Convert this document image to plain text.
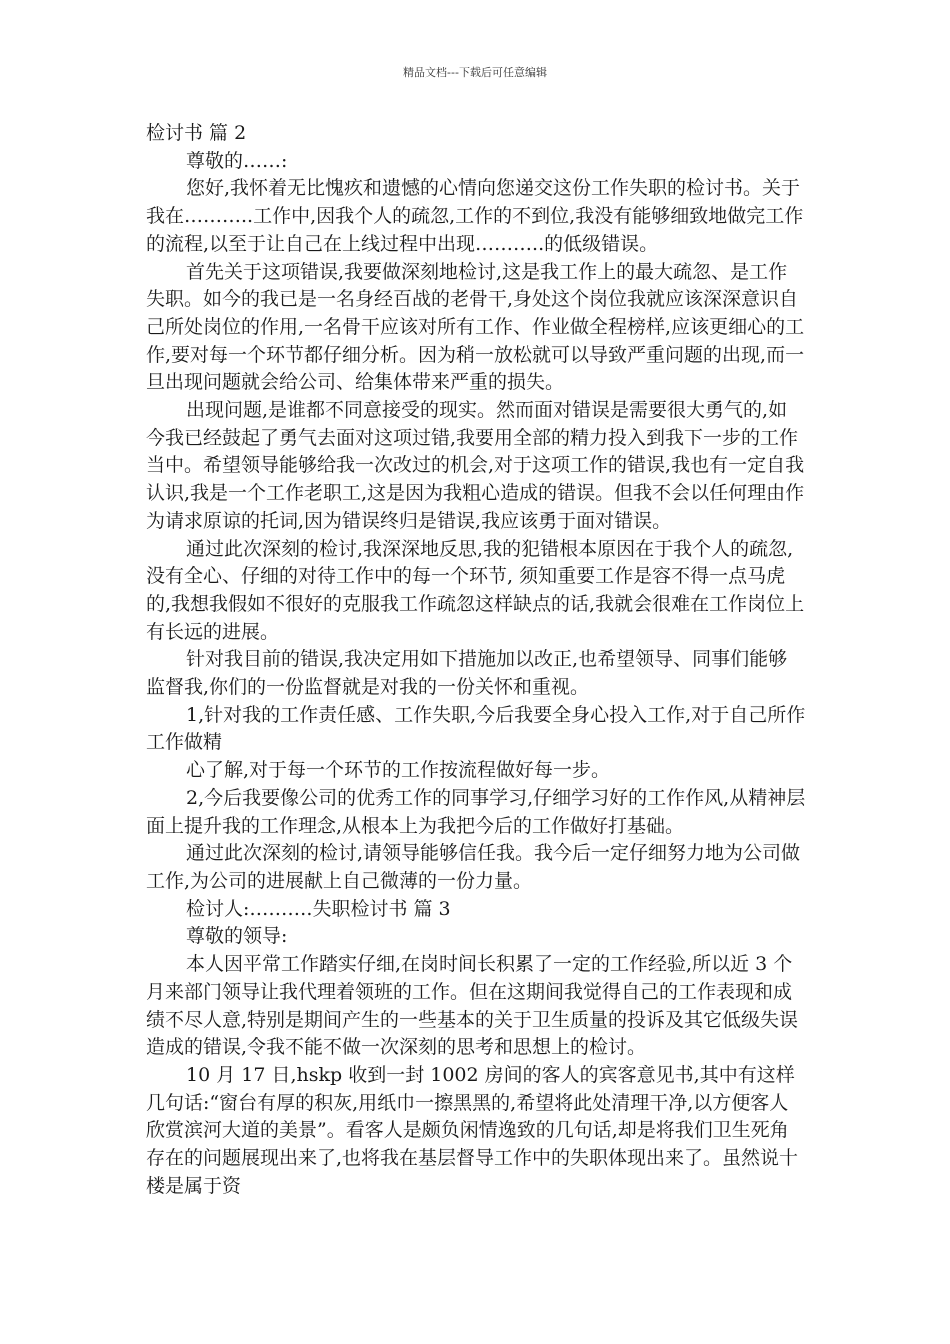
精品文档---下载后可任意编辑

检讨书 篇 2

尊敬的……:

您好,我怀着无比愧疚和遗憾的心情向您递交这份工作失职的检讨书。关于我在………..工作中,因我个人的疏忽,工作的不到位,我没有能够细致地做完工作的流程,以至于让自己在上线过程中出现………..的低级错误。

首先关于这项错误,我要做深刻地检讨,这是我工作上的最大疏忽、是工作失职。如今的我已是一名身经百战的老骨干,身处这个岗位我就应该深深意识自己所处岗位的作用,一名骨干应该对所有工作、作业做全程榜样,应该更细心的工作,要对每一个环节都仔细分析。因为稍一放松就可以导致严重问题的出现,而一旦出现问题就会给公司、给集体带来严重的损失。

出现问题,是谁都不同意接受的现实。然而面对错误是需要很大勇气的,如今我已经鼓起了勇气去面对这项过错,我要用全部的精力投入到我下一步的工作当中。希望领导能够给我一次改过的机会,对于这项工作的错误,我也有一定自我认识,我是一个工作老职工,这是因为我粗心造成的错误。但我不会以任何理由作为请求原谅的托词,因为错误终归是错误,我应该勇于面对错误。

通过此次深刻的检讨,我深深地反思,我的犯错根本原因在于我个人的疏忽,没有全心、仔细的对待工作中的每一个环节, 须知重要工作是容不得一点马虎的,我想我假如不很好的克服我工作疏忽这样缺点的话,我就会很难在工作岗位上有长远的进展。

针对我目前的错误,我决定用如下措施加以改正,也希望领导、同事们能够监督我,你们的一份监督就是对我的一份关怀和重视。

1,针对我的工作责任感、工作失职,今后我要全身心投入工作,对于自己所作工作做精

心了解,对于每一个环节的工作按流程做好每一步。

2,今后我要像公司的优秀工作的同事学习,仔细学习好的工作作风,从精神层面上提升我的工作理念,从根本上为我把今后的工作做好打基础。

通过此次深刻的检讨,请领导能够信任我。我今后一定仔细努力地为公司做工作,为公司的进展献上自己微薄的一份力量。

检讨人:……….失职检讨书 篇 3

尊敬的领导:

本人因平常工作踏实仔细,在岗时间长积累了一定的工作经验,所以近 3 个月来部门领导让我代理着领班的工作。但在这期间我觉得自己的工作表现和成绩不尽人意,特别是期间产生的一些基本的关于卫生质量的投诉及其它低级失误造成的错误,令我不能不做一次深刻的思考和思想上的检讨。

10 月 17 日,hskp 收到一封 1002 房间的客人的宾客意见书,其中有这样几句话:“窗台有厚的积灰,用纸巾一擦黑黑的,希望将此处清理干净,以方便客人欣赏滨河大道的美景”。看客人是颇负闲情逸致的几句话,却是将我们卫生死角存在的问题展现出来了,也将我在基层督导工作中的失职体现出来了。虽然说十楼是属于资
